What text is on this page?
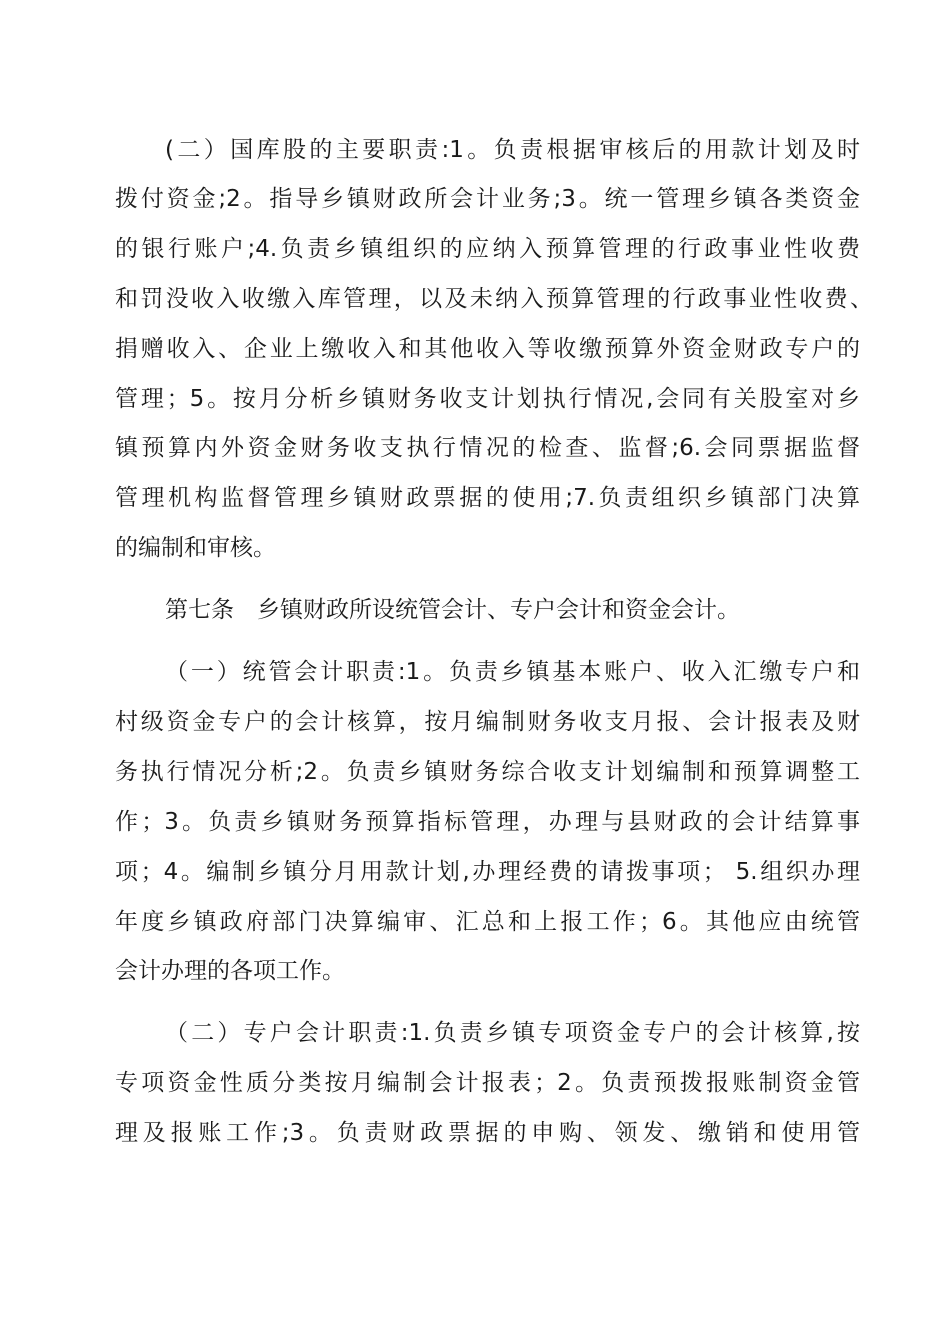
(二）国库股的主要职责:1。负责根据审核后的用款计划及时

拨付资金;2。指导乡镇财政所会计业务;3。统一管理乡镇各类资金

的银行账户;4.负责乡镇组织的应纳入预算管理的行政事业性收费

和罚没收入收缴入库管理，以及未纳入预算管理的行政事业性收费、

捐赠收入、企业上缴收入和其他收入等收缴预算外资金财政专户的

管理；5。按月分析乡镇财务收支计划执行情况,会同有关股室对乡

镇预算内外资金财务收支执行情况的检查、监督;6.会同票据监督

管理机构监督管理乡镇财政票据的使用;7.负责组织乡镇部门决算

的编制和审核。

第七条　乡镇财政所设统管会计、专户会计和资金会计。

（一）统管会计职责:1。负责乡镇基本账户、收入汇缴专户和

村级资金专户的会计核算，按月编制财务收支月报、会计报表及财

务执行情况分析;2。负责乡镇财务综合收支计划编制和预算调整工

作；3。负责乡镇财务预算指标管理，办理与县财政的会计结算事

项；4。编制乡镇分月用款计划,办理经费的请拨事项； 5.组织办理

年度乡镇政府部门决算编审、汇总和上报工作；6。其他应由统管

会计办理的各项工作。

（二）专户会计职责:1.负责乡镇专项资金专户的会计核算,按

专项资金性质分类按月编制会计报表；2。负责预拨报账制资金管

理及报账工作;3。负责财政票据的申购、领发、缴销和使用管
